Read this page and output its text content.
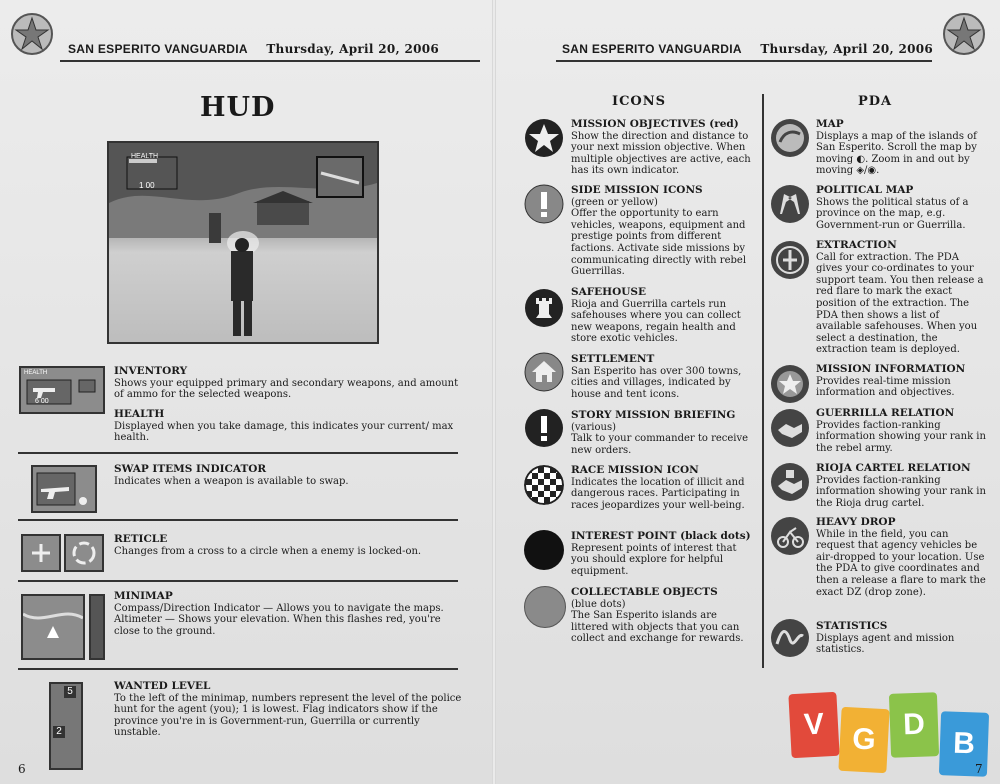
SAN ESPERITO VANGUARDIA Thursday, April 20, 2006	SAN ESPERITO VANGUARDIA Thursday, April 20, 2006
HUD
HEALTH
1 00
HEALTH
6 00
INVENTORY
Shows your equipped primary and secondary weapons, and amount of ammo for the selected weapons.
HEALTH
Displayed when you take damage, this indicates your current/ max health.
SWAP ITEMS INDICATOR
Indicates when a weapon is available to swap.
RETICLE
Changes from a cross to a circle when a enemy is locked-on.
MINIMAP
Compass/Direction Indicator — Allows you to navigate the maps. Altimeter — Shows your elevation. When this flashes red, you're close to the ground.
5
2
WANTED LEVEL
To the left of the minimap, numbers represent the level of the police hunt for the agent (you); 1 is lowest. Flag indicators show if the province you're in is Government-run, Guerrilla or currently unstable.
6
ICONS
MISSION OBJECTIVES (red)
Show the direction and distance to your next mission objective. When multiple objectives are active, each has its own indicator.
SIDE MISSION ICONS
(green or yellow)
Offer the opportunity to earn vehicles, weapons, equipment and prestige points from different factions. Activate side missions by communicating directly with rebel Guerrillas.
SAFEHOUSE
Rioja and Guerrilla cartels run safehouses where you can collect new weapons, regain health and store exotic vehicles.
SETTLEMENT
San Esperito has over 300 towns, cities and villages, indicated by house and tent icons.
STORY MISSION BRIEFING
(various)
Talk to your commander to receive new orders.
RACE MISSION ICON
Indicates the location of illicit and dangerous races. Participating in races jeopardizes your well-being.
INTEREST POINT (black dots)
Represent points of interest that you should explore for helpful equipment.
COLLECTABLE OBJECTS
(blue dots)
The San Esperito islands are littered with objects that you can collect and exchange for rewards.
PDA
MAP
Displays a map of the islands of San Esperito. Scroll the map by moving ◐. Zoom in and out by moving ◈/◉.
POLITICAL MAP
Shows the political status of a province on the map, e.g. Government-run or Guerrilla.
EXTRACTION
Call for extraction. The PDA gives your co-ordinates to your support team. You then release a red flare to mark the exact position of the extraction. The PDA then shows a list of available safehouses. When you select a destination, the extraction team is deployed.
MISSION INFORMATION
Provides real-time mission information and objectives.
GUERRILLA RELATION
Provides faction-ranking information showing your rank in the rebel army.
RIOJA CARTEL RELATION
Provides faction-ranking information showing your rank in the Rioja drug cartel.
HEAVY DROP
While in the field, you can request that agency vehicles be air-dropped to your location. Use the PDA to give coordinates and then a release a flare to mark the exact DZ (drop zone).
STATISTICS
Displays agent and mission statistics.
V G D
B
7
